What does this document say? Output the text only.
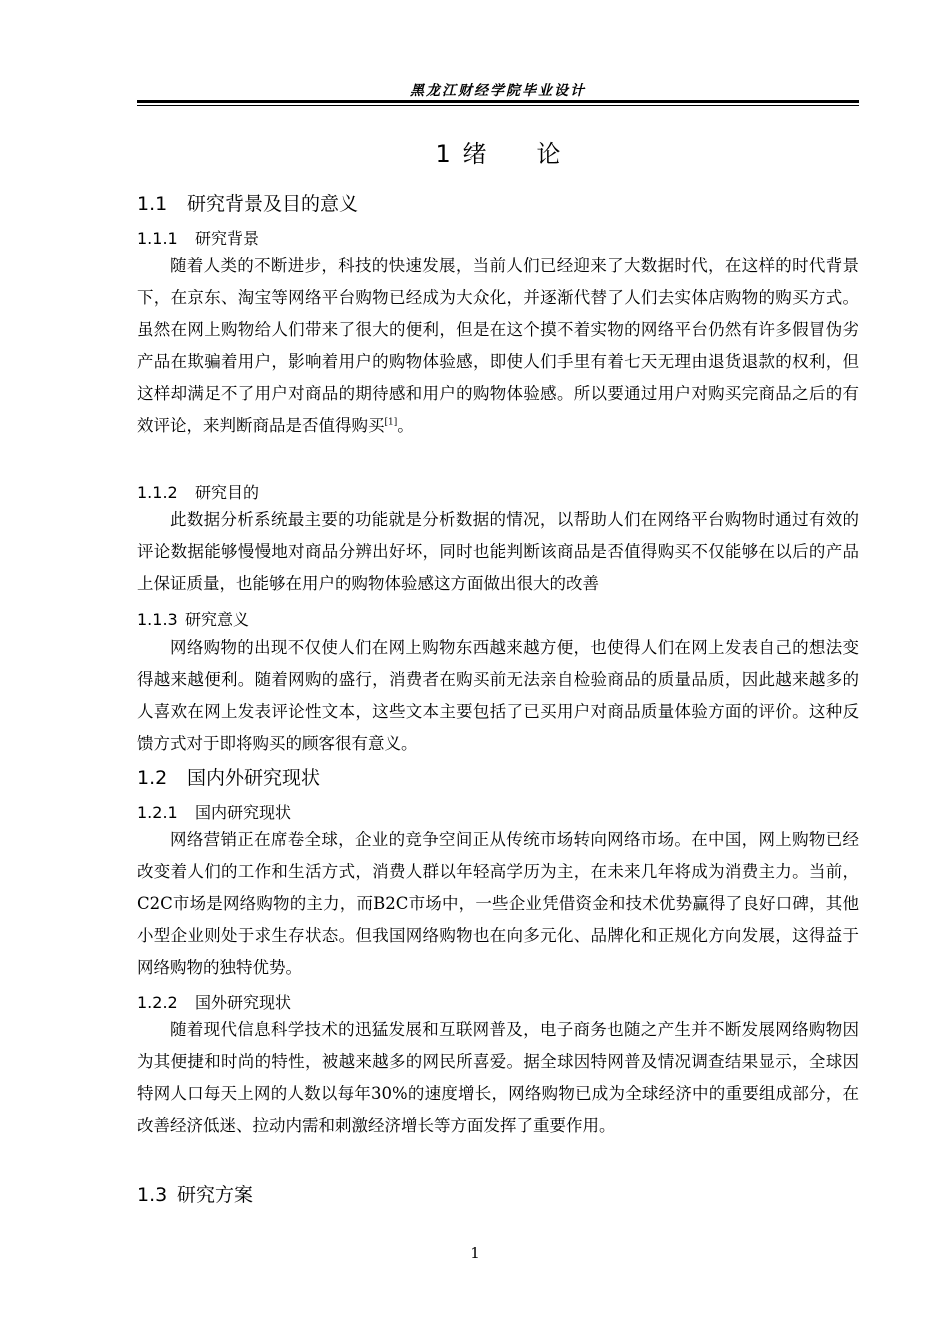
黑龙江财经学院毕业设计
1 绪 论
1.1 研究背景及目的意义
1.1.1 研究背景

随着人类的不断进步，科技的快速发展，当前人们已经迎来了大数据时代，在这样的时代背景下，在京东、淘宝等网络平台购物已经成为大众化，并逐渐代替了人们去实体店购物的购买方式。虽然在网上购物给人们带来了很大的便利，但是在这个摸不着实物的网络平台仍然有许多假冒伪劣产品在欺骗着用户，影响着用户的购物体验感，即使人们手里有着七天无理由退货退款的权利，但这样却满足不了用户对商品的期待感和用户的购物体验感。所以要通过用户对购买完商品之后的有效评论，来判断商品是否值得购买[1]。

1.1.2 研究目的

此数据分析系统最主要的功能就是分析数据的情况，以帮助人们在网络平台购物时通过有效的评论数据能够慢慢地对商品分辨出好坏，同时也能判断该商品是否值得购买不仅能够在以后的产品上保证质量，也能够在用户的购物体验感这方面做出很大的改善

1.1.3 研究意义

网络购物的出现不仅使人们在网上购物东西越来越方便，也使得人们在网上发表自己的想法变得越来越便利。随着网购的盛行，消费者在购买前无法亲自检验商品的质量品质，因此越来越多的人喜欢在网上发表评论性文本，这些文本主要包括了已买用户对商品质量体验方面的评价。这种反馈方式对于即将购买的顾客很有意义。

1.2 国内外研究现状
1.2.1 国内研究现状

网络营销正在席卷全球，企业的竞争空间正从传统市场转向网络市场。在中国，网上购物已经改变着人们的工作和生活方式，消费人群以年轻高学历为主，在未来几年将成为消费主力。当前，C2C市场是网络购物的主力，而B2C市场中，一些企业凭借资金和技术优势赢得了良好口碑，其他小型企业则处于求生存状态。但我国网络购物也在向多元化、品牌化和正规化方向发展，这得益于网络购物的独特优势。

1.2.2 国外研究现状

随着现代信息科学技术的迅猛发展和互联网普及，电子商务也随之产生并不断发展网络购物因为其便捷和时尚的特性，被越来越多的网民所喜爱。据全球因特网普及情况调查结果显示，全球因特网人口每天上网的人数以每年30%的速度增长，网络购物已成为全球经济中的重要组成部分，在改善经济低迷、拉动内需和刺激经济增长等方面发挥了重要作用。

1.3 研究方案
1
